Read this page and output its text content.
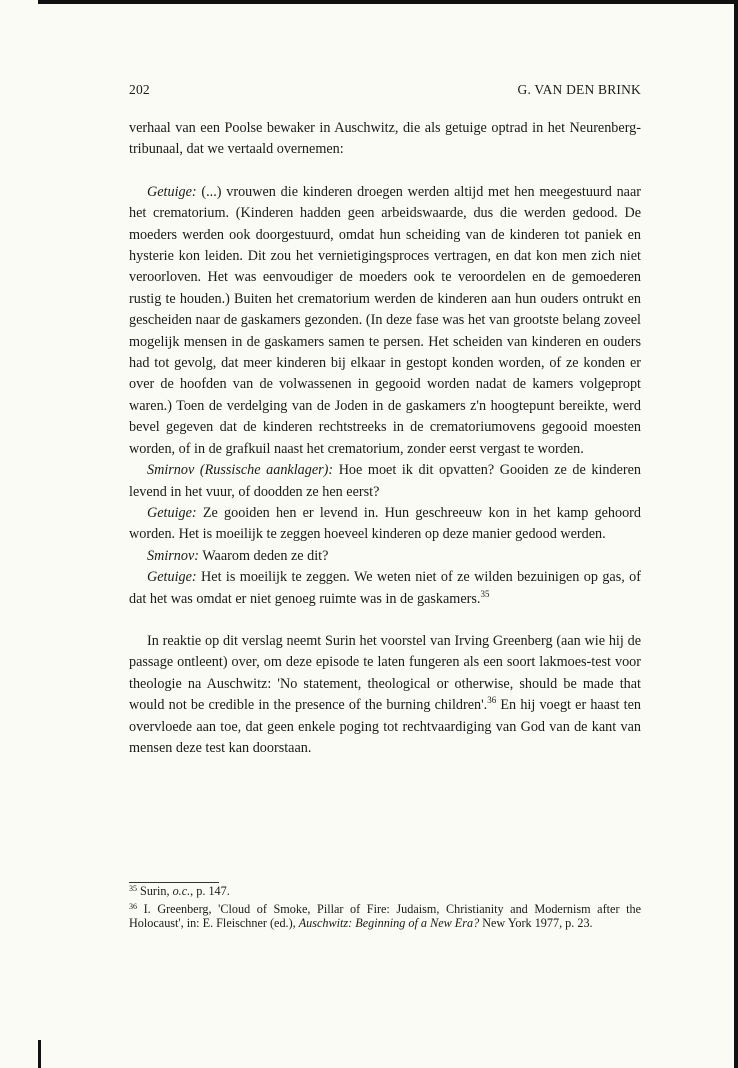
202	G. VAN DEN BRINK

verhaal van een Poolse bewaker in Auschwitz, die als getuige optrad in het Neurenberg-tribunaal, dat we vertaald overnemen:

Getuige: (...) vrouwen die kinderen droegen werden altijd met hen meegestuurd naar het crematorium. (Kinderen hadden geen arbeidswaarde, dus die werden gedood. De moeders werden ook doorgestuurd, omdat hun scheiding van de kinderen tot paniek en hysterie kon leiden. Dit zou het vernietigingsproces vertragen, en dat kon men zich niet veroorloven. Het was eenvoudiger de moeders ook te veroordelen en de gemoederen rustig te houden.) Buiten het crematorium werden de kinderen aan hun ouders ontrukt en gescheiden naar de gaskamers gezonden. (In deze fase was het van grootste belang zoveel mogelijk mensen in de gaskamers samen te persen. Het scheiden van kinderen en ouders had tot gevolg, dat meer kinderen bij elkaar in gestopt konden worden, of ze konden er over de hoofden van de volwassenen in gegooid worden nadat de kamers volgepropt waren.) Toen de verdelging van de Joden in de gaskamers z'n hoogtepunt bereikte, werd bevel gegeven dat de kinderen rechtstreeks in de crematoriumovens gegooid moesten worden, of in de grafkuil naast het crematorium, zonder eerst vergast te worden.

Smirnov (Russische aanklager): Hoe moet ik dit opvatten? Gooiden ze de kinderen levend in het vuur, of doodden ze hen eerst?

Getuige: Ze gooiden hen er levend in. Hun geschreeuw kon in het kamp gehoord worden. Het is moeilijk te zeggen hoeveel kinderen op deze manier gedood werden.

Smirnov: Waarom deden ze dit?

Getuige: Het is moeilijk te zeggen. We weten niet of ze wilden bezuinigen op gas, of dat het was omdat er niet genoeg ruimte was in de gaskamers.$^{35}$

In reaktie op dit verslag neemt Surin het voorstel van Irving Greenberg (aan wie hij de passage ontleent) over, om deze episode te laten fungeren als een soort lakmoes-test voor theologie na Auschwitz: 'No statement, theological or otherwise, should be made that would not be credible in the presence of the burning children'.$^{36}$ En hij voegt er haast ten overvloede aan toe, dat geen enkele poging tot rechtvaardiging van God van de kant van mensen deze test kan doorstaan.

$^{35}$ Surin, o.c., p. 147.

$^{36}$ I. Greenberg, 'Cloud of Smoke, Pillar of Fire: Judaism, Christianity and Modernism after the Holocaust', in: E. Fleischner (ed.), Auschwitz: Beginning of a New Era? New York 1977, p. 23.
